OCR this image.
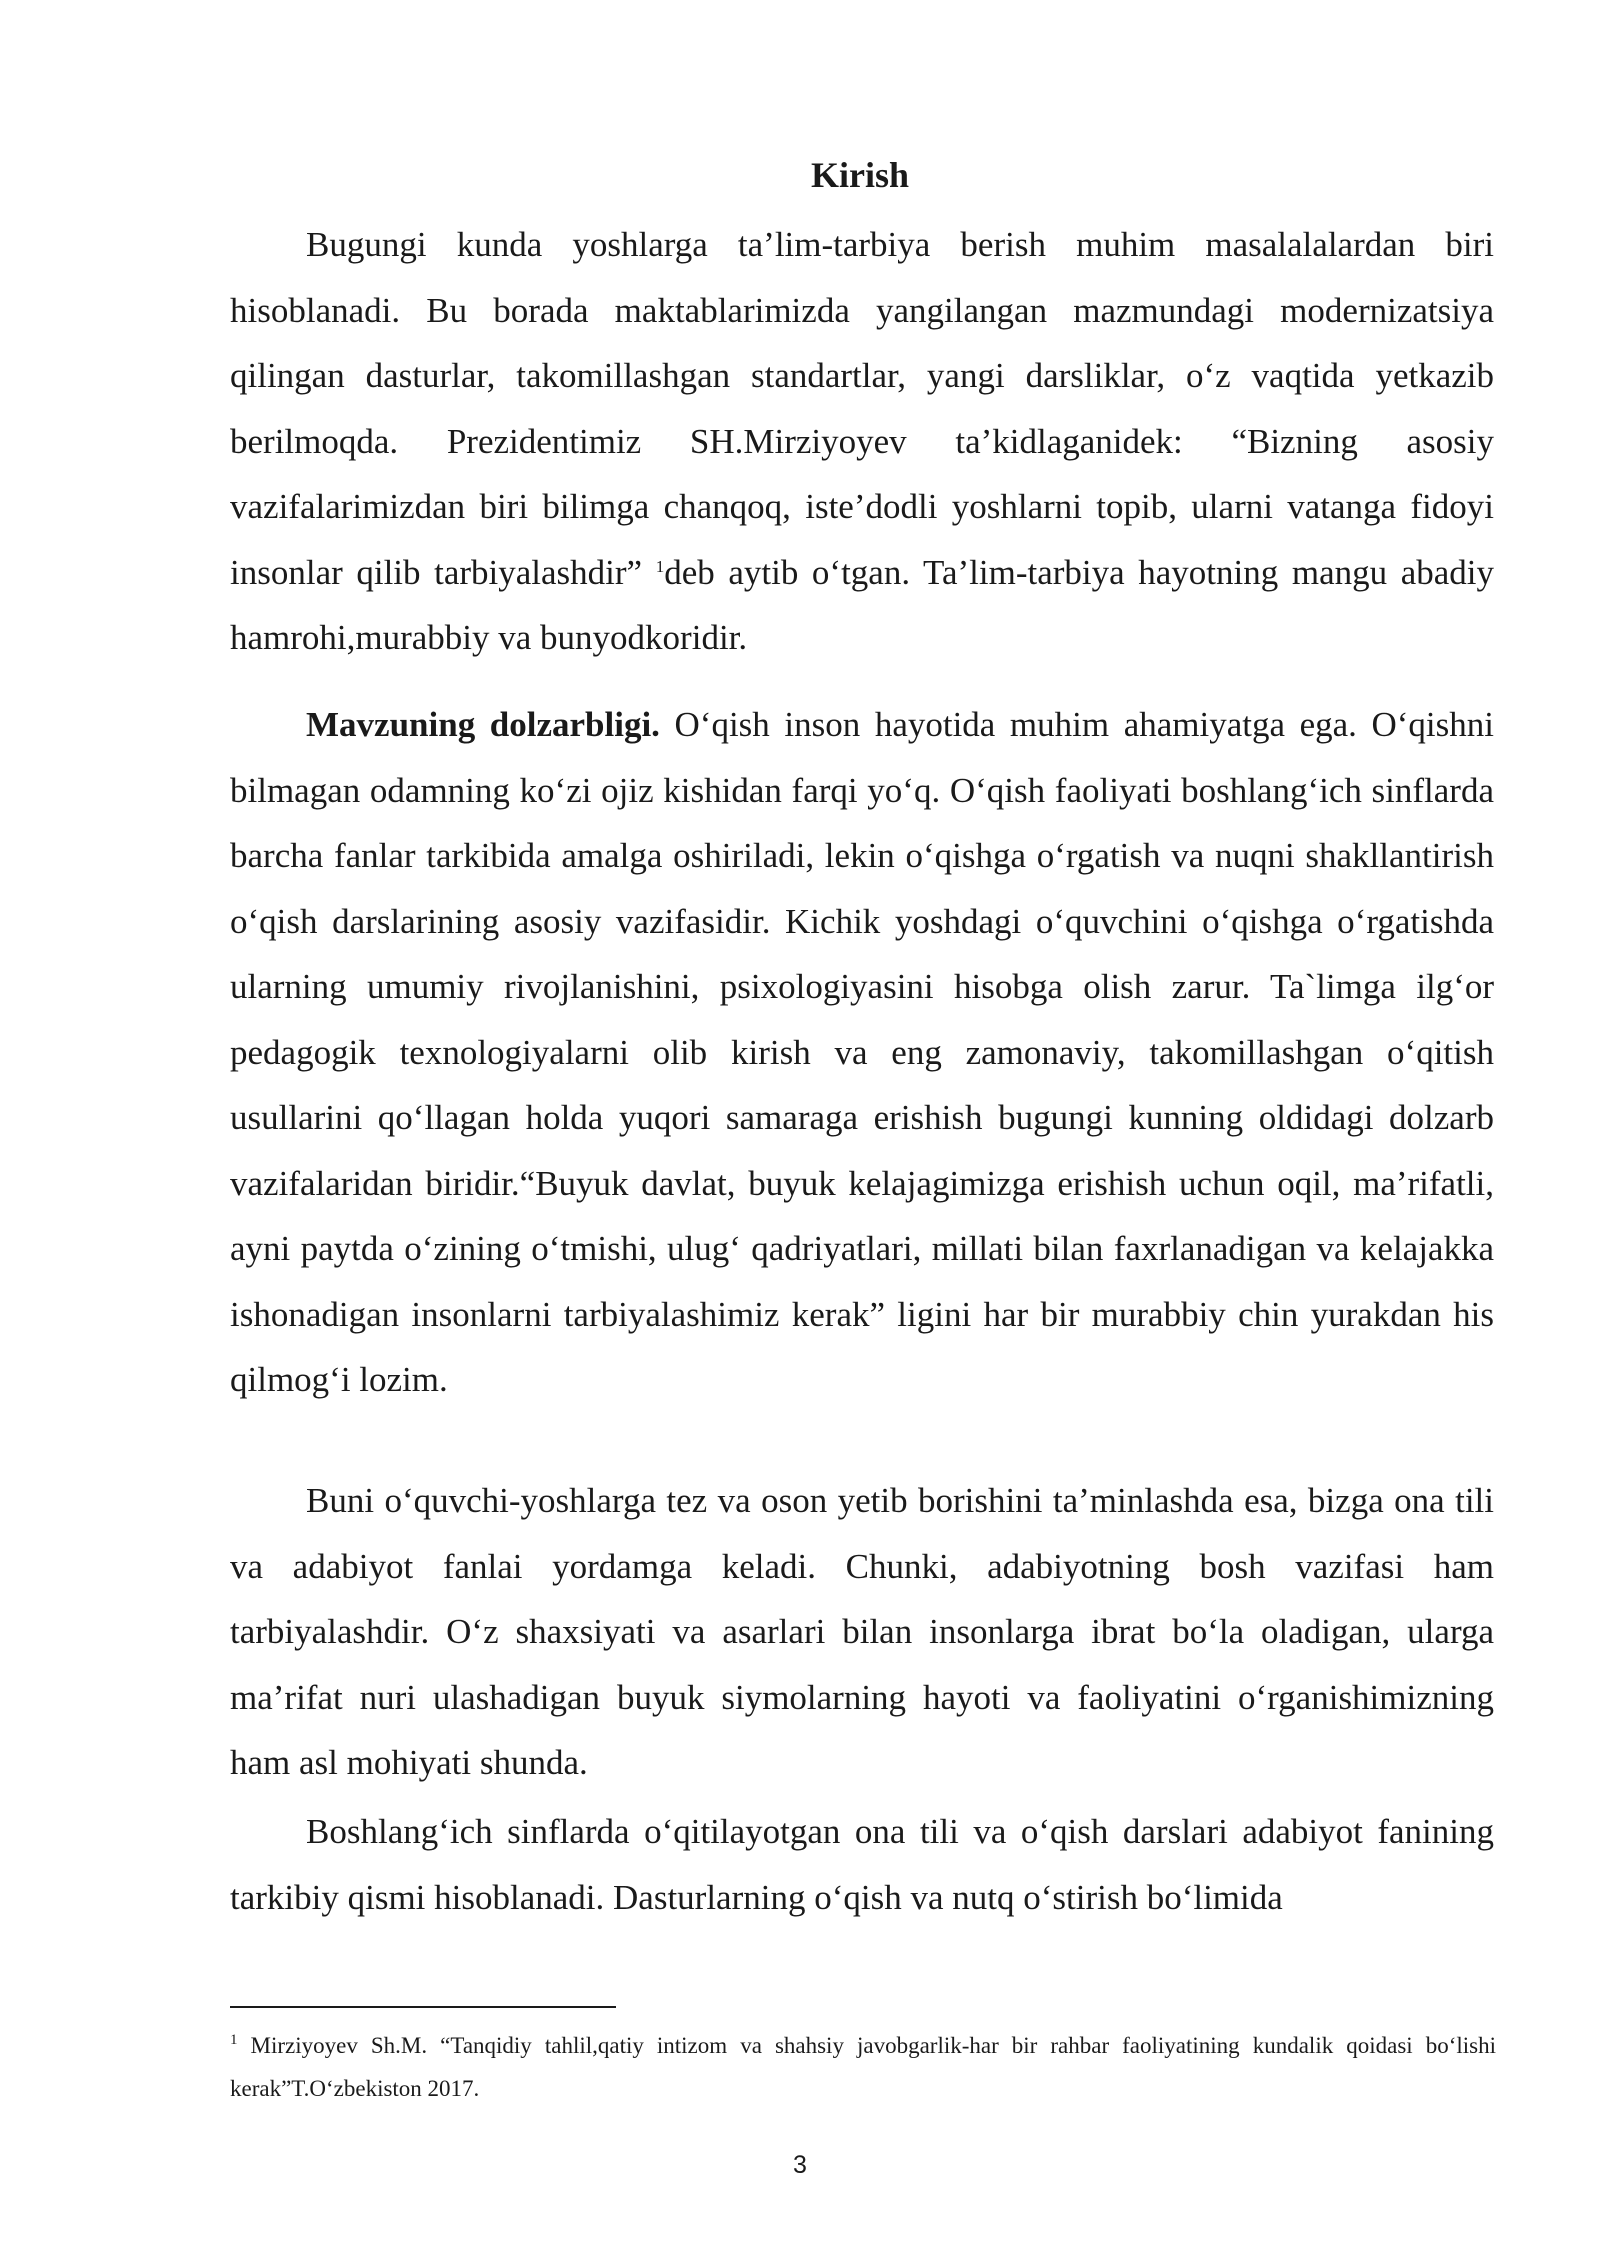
Kirish

Bugungi kunda yoshlarga ta’lim-tarbiya berish muhim masalalalardan biri hisoblanadi. Bu borada maktablarimizda yangilangan mazmundagi modernizatsiya qilingan dasturlar, takomillashgan standartlar, yangi darsliklar, o‘z vaqtida yetkazib berilmoqda. Prezidentimiz SH.Mirziyoyev ta’kidlaganidek: “Bizning asosiy vazifalarimizdan biri bilimga chanqoq, iste’dodli yoshlarni topib, ularni vatanga fidoyi insonlar qilib tarbiyalashdir” $^1$deb aytib o‘tgan. Ta’lim-tarbiya hayotning mangu abadiy hamrohi,murabbiy va bunyodkoridir.

Mavzuning dolzarbligi. O‘qish inson hayotida muhim ahamiyatga ega. O‘qishni bilmagan odamning ko‘zi ojiz kishidan farqi yo‘q. O‘qish faoliyati boshlang‘ich sinflarda barcha fanlar tarkibida amalga oshiriladi, lekin o‘qishga o‘rgatish va nuqni shakllantirish o‘qish darslarining asosiy vazifasidir. Kichik yoshdagi o‘quvchini o‘qishga o‘rgatishda ularning umumiy rivojlanishini, psixologiyasini hisobga olish zarur. Ta`limga ilg‘or pedagogik texnologiyalarni olib kirish va eng zamonaviy, takomillashgan o‘qitish usullarini qo‘llagan holda yuqori samaraga erishish bugungi kunning oldidagi dolzarb vazifalaridan biridir.“Buyuk davlat, buyuk kelajagimizga erishish uchun oqil, ma’rifatli, ayni paytda o‘zining o‘tmishi, ulug‘ qadriyatlari, millati bilan faxrlanadigan va kelajakka ishonadigan insonlarni tarbiyalashimiz kerak” ligini har bir murabbiy chin yurakdan his qilmog‘i lozim.

Buni o‘quvchi-yoshlarga tez va oson yetib borishini ta’minlashda esa, bizga ona tili va adabiyot fanlai yordamga keladi. Chunki, adabiyotning bosh vazifasi ham tarbiyalashdir. O‘z shaxsiyati va asarlari bilan insonlarga ibrat bo‘la oladigan, ularga ma’rifat nuri ulashadigan buyuk siymolarning hayoti va faoliyatini o‘rganishimizning ham asl mohiyati shunda.

Boshlang‘ich sinflarda o‘qitilayotgan ona tili va o‘qish darslari adabiyot fanining tarkibiy qismi hisoblanadi. Dasturlarning o‘qish va nutq o‘stirish bo‘limida

$^1$ Mirziyoyev Sh.M. “Tanqidiy tahlil,qatiy intizom va shahsiy javobgarlik-har bir rahbar faoliyatining kundalik qoidasi bo‘lishi kerak”T.O‘zbekiston 2017.

3
